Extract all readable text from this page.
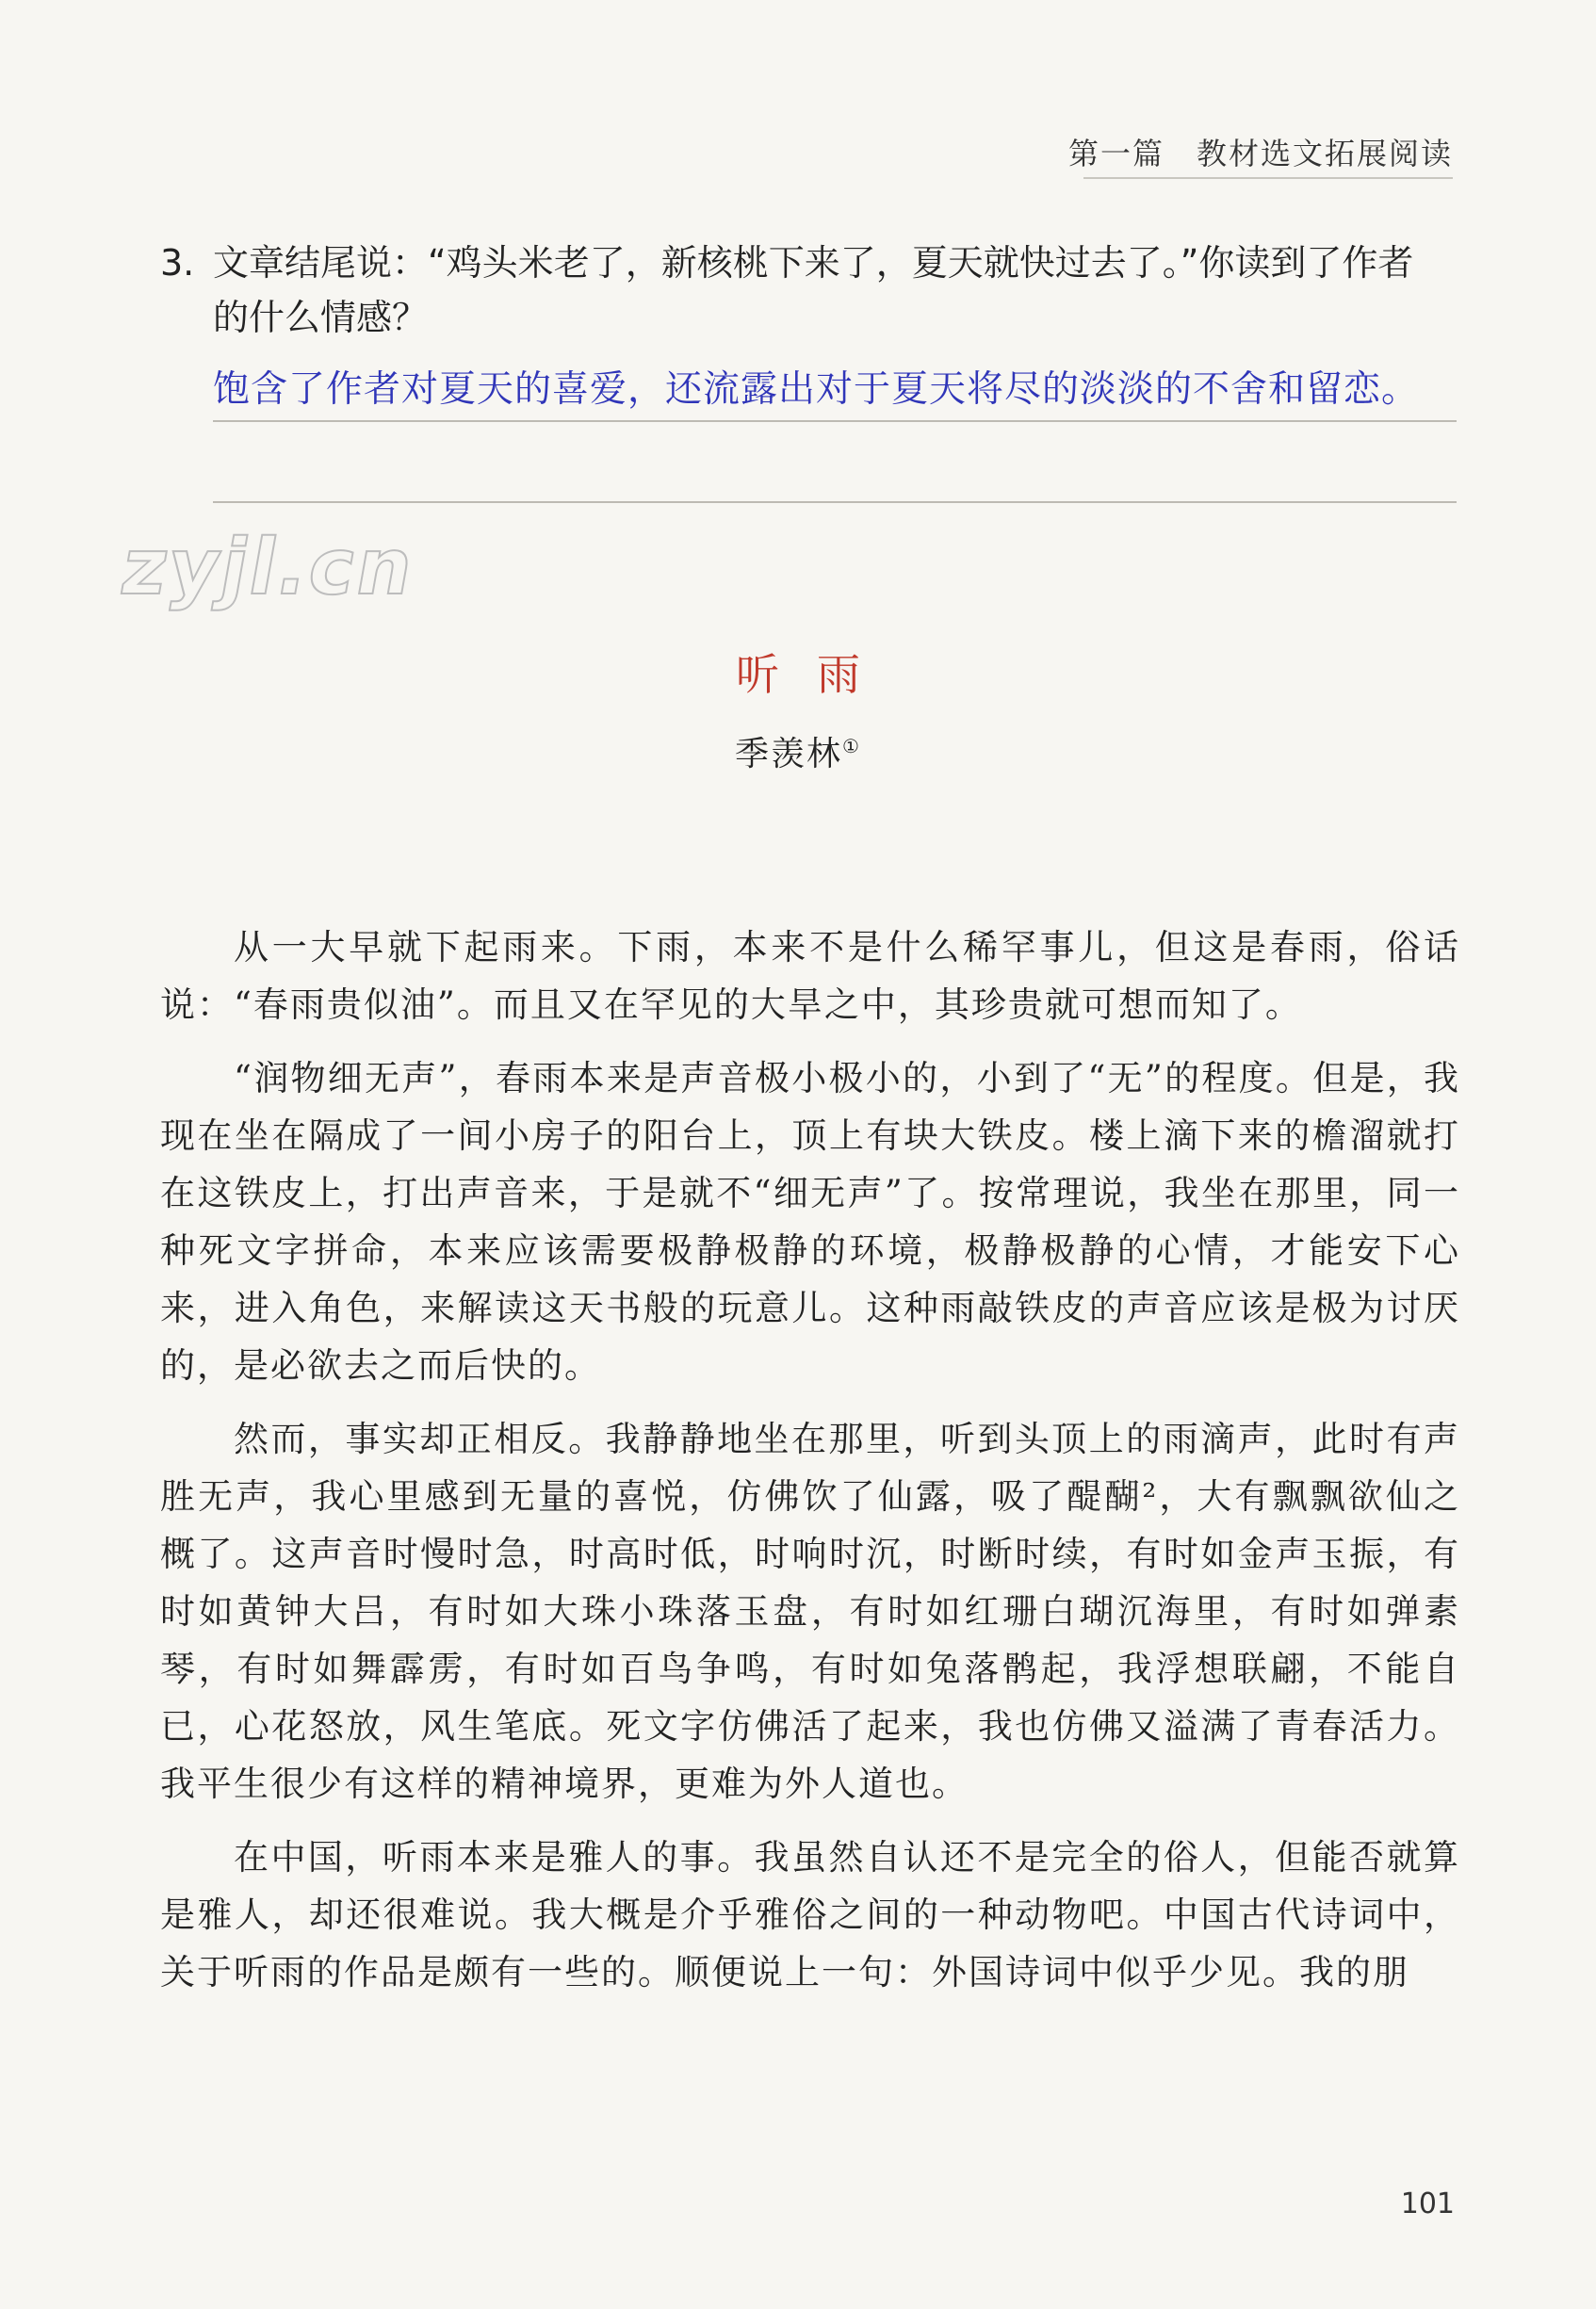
第一篇 教材选文拓展阅读
3. 文章结尾说：“鸡头米老了，新核桃下来了，夏天就快过去了。”你读到了作者
的什么情感？
饱含了作者对夏天的喜爱，还流露出对于夏天将尽的淡淡的不舍和留恋。
zyjl.cn
听雨
季羡林①

从一大早就下起雨来。下雨，本来不是什么稀罕事儿，但这是春雨，俗话说：“春雨贵似油”。而且又在罕见的大旱之中，其珍贵就可想而知了。

“润物细无声”，春雨本来是声音极小极小的，小到了“无”的程度。但是，我现在坐在隔成了一间小房子的阳台上，顶上有块大铁皮。楼上滴下来的檐溜就打在这铁皮上，打出声音来，于是就不“细无声”了。按常理说，我坐在那里，同一种死文字拼命，本来应该需要极静极静的环境，极静极静的心情，才能安下心来，进入角色，来解读这天书般的玩意儿。这种雨敲铁皮的声音应该是极为讨厌的，是必欲去之而后快的。

然而，事实却正相反。我静静地坐在那里，听到头顶上的雨滴声，此时有声胜无声，我心里感到无量的喜悦，仿佛饮了仙露，吸了醍醐²，大有飘飘欲仙之概了。这声音时慢时急，时高时低，时响时沉，时断时续，有时如金声玉振，有时如黄钟大吕，有时如大珠小珠落玉盘，有时如红珊白瑚沉海里，有时如弹素琴，有时如舞霹雳，有时如百鸟争鸣，有时如兔落鹘起，我浮想联翩，不能自已，心花怒放，风生笔底。死文字仿佛活了起来，我也仿佛又溢满了青春活力。我平生很少有这样的精神境界，更难为外人道也。

在中国，听雨本来是雅人的事。我虽然自认还不是完全的俗人，但能否就算是雅人，却还很难说。我大概是介乎雅俗之间的一种动物吧。中国古代诗词中，关于听雨的作品是颇有一些的。顺便说上一句：外国诗词中似乎少见。我的朋

101
